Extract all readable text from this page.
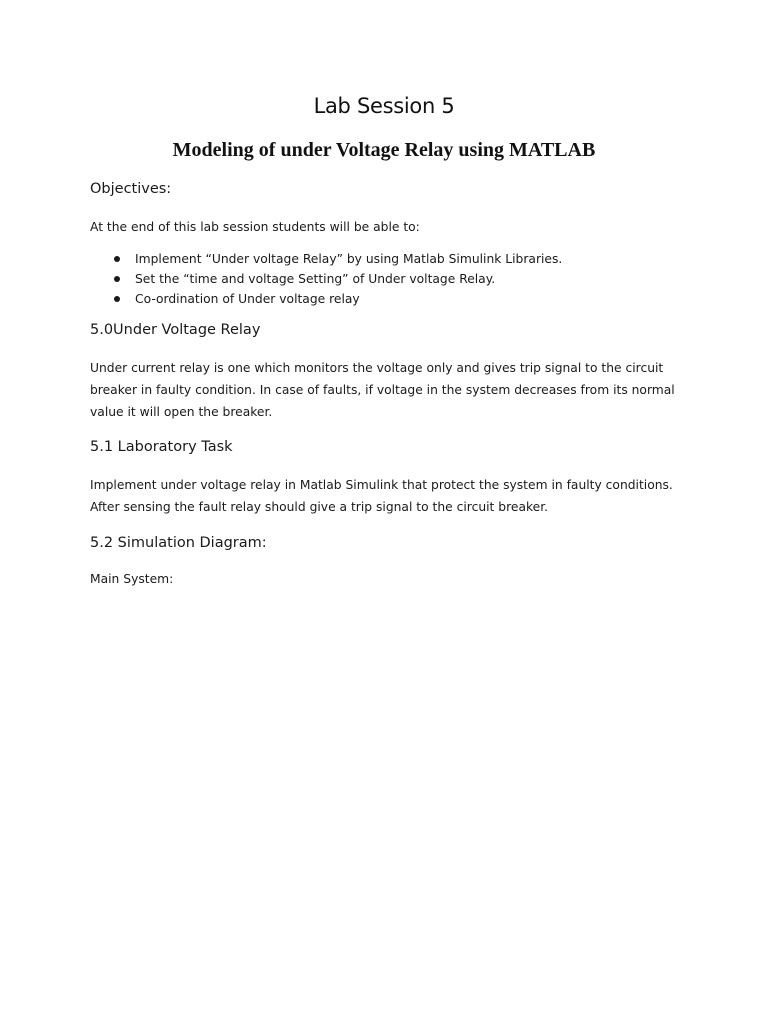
Lab Session 5
Modeling of under Voltage Relay using MATLAB
Objectives:
At the end of this lab session students will be able to:
Implement “Under voltage Relay” by using Matlab Simulink Libraries.
Set the “time and voltage Setting” of Under voltage Relay.
Co-ordination of Under voltage relay
5.0Under Voltage Relay
Under current relay is one which monitors the voltage only and gives trip signal to the circuit breaker in faulty condition. In case of faults, if voltage in the system decreases from its normal value it will open the breaker.
5.1 Laboratory Task
Implement under voltage relay in Matlab Simulink that protect the system in faulty conditions. After sensing the fault relay should give a trip signal to the circuit breaker.
5.2 Simulation Diagram:
Main System:
